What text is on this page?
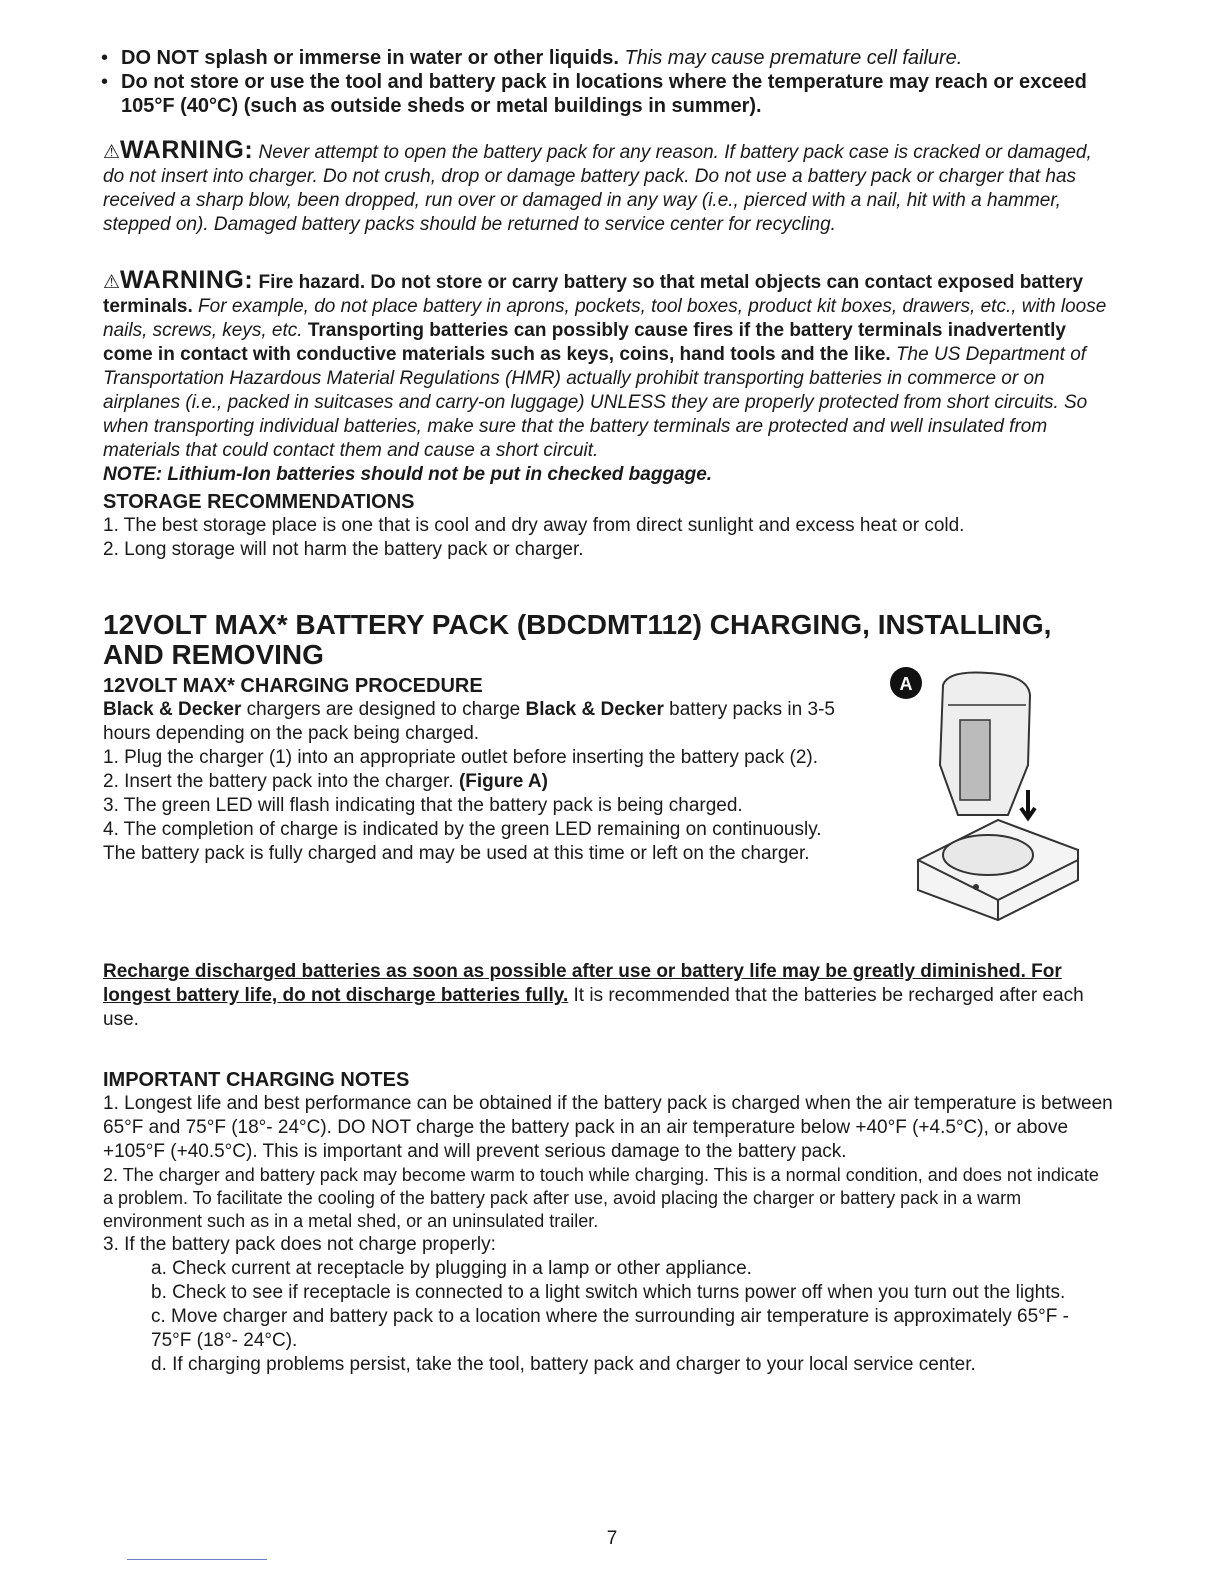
• DO NOT splash or immerse in water or other liquids. This may cause premature cell failure.
• Do not store or use the tool and battery pack in locations where the temperature may reach or exceed 105°F (40°C) (such as outside sheds or metal buildings in summer).
⚠WARNING: Never attempt to open the battery pack for any reason. If battery pack case is cracked or damaged, do not insert into charger. Do not crush, drop or damage battery pack. Do not use a battery pack or charger that has received a sharp blow, been dropped, run over or damaged in any way (i.e., pierced with a nail, hit with a hammer, stepped on). Damaged battery packs should be returned to service center for recycling.
⚠WARNING: Fire hazard. Do not store or carry battery so that metal objects can contact exposed battery terminals. For example, do not place battery in aprons, pockets, tool boxes, product kit boxes, drawers, etc., with loose nails, screws, keys, etc. Transporting batteries can possibly cause fires if the battery terminals inadvertently come in contact with conductive materials such as keys, coins, hand tools and the like. The US Department of Transportation Hazardous Material Regulations (HMR) actually prohibit transporting batteries in commerce or on airplanes (i.e., packed in suitcases and carry-on luggage) UNLESS they are properly protected from short circuits. So when transporting individual batteries, make sure that the battery terminals are protected and well insulated from materials that could contact them and cause a short circuit.
NOTE: Lithium-Ion batteries should not be put in checked baggage.

STORAGE RECOMMENDATIONS

1. The best storage place is one that is cool and dry away from direct sunlight and excess heat or cold.

2. Long storage will not harm the battery pack or charger.

12VOLT MAX* BATTERY PACK (BDCDMT112) CHARGING, INSTALLING, AND REMOVING

12VOLT MAX* CHARGING PROCEDURE

Black & Decker chargers are designed to charge Black & Decker battery packs in 3-5 hours depending on the pack being charged.

1. Plug the charger (1) into an appropriate outlet before inserting the battery pack (2).

2. Insert the battery pack into the charger. (Figure A)

3. The green LED will flash indicating that the battery pack is being charged.

4. The completion of charge is indicated by the green LED remaining on continuously. The battery pack is fully charged and may be used at this time or left on the charger.

A
Recharge discharged batteries as soon as possible after use or battery life may be greatly diminished. For longest battery life, do not discharge batteries fully. It is recommended that the batteries be recharged after each use.

IMPORTANT CHARGING NOTES

1. Longest life and best performance can be obtained if the battery pack is charged when the air temperature is between 65°F and 75°F (18°- 24°C). DO NOT charge the battery pack in an air temperature below +40°F (+4.5°C), or above +105°F (+40.5°C). This is important and will prevent serious damage to the battery pack.

2. The charger and battery pack may become warm to touch while charging. This is a normal condition, and does not indicate a problem. To facilitate the cooling of the battery pack after use, avoid placing the charger or battery pack in a warm environment such as in a metal shed, or an uninsulated trailer.

3. If the battery pack does not charge properly:

a. Check current at receptacle by plugging in a lamp or other appliance.

b. Check to see if receptacle is connected to a light switch which turns power off when you turn out the lights.

c. Move charger and battery pack to a location where the surrounding air temperature is approximately 65°F - 75°F (18°- 24°C).

d. If charging problems persist, take the tool, battery pack and charger to your local service center.

7
